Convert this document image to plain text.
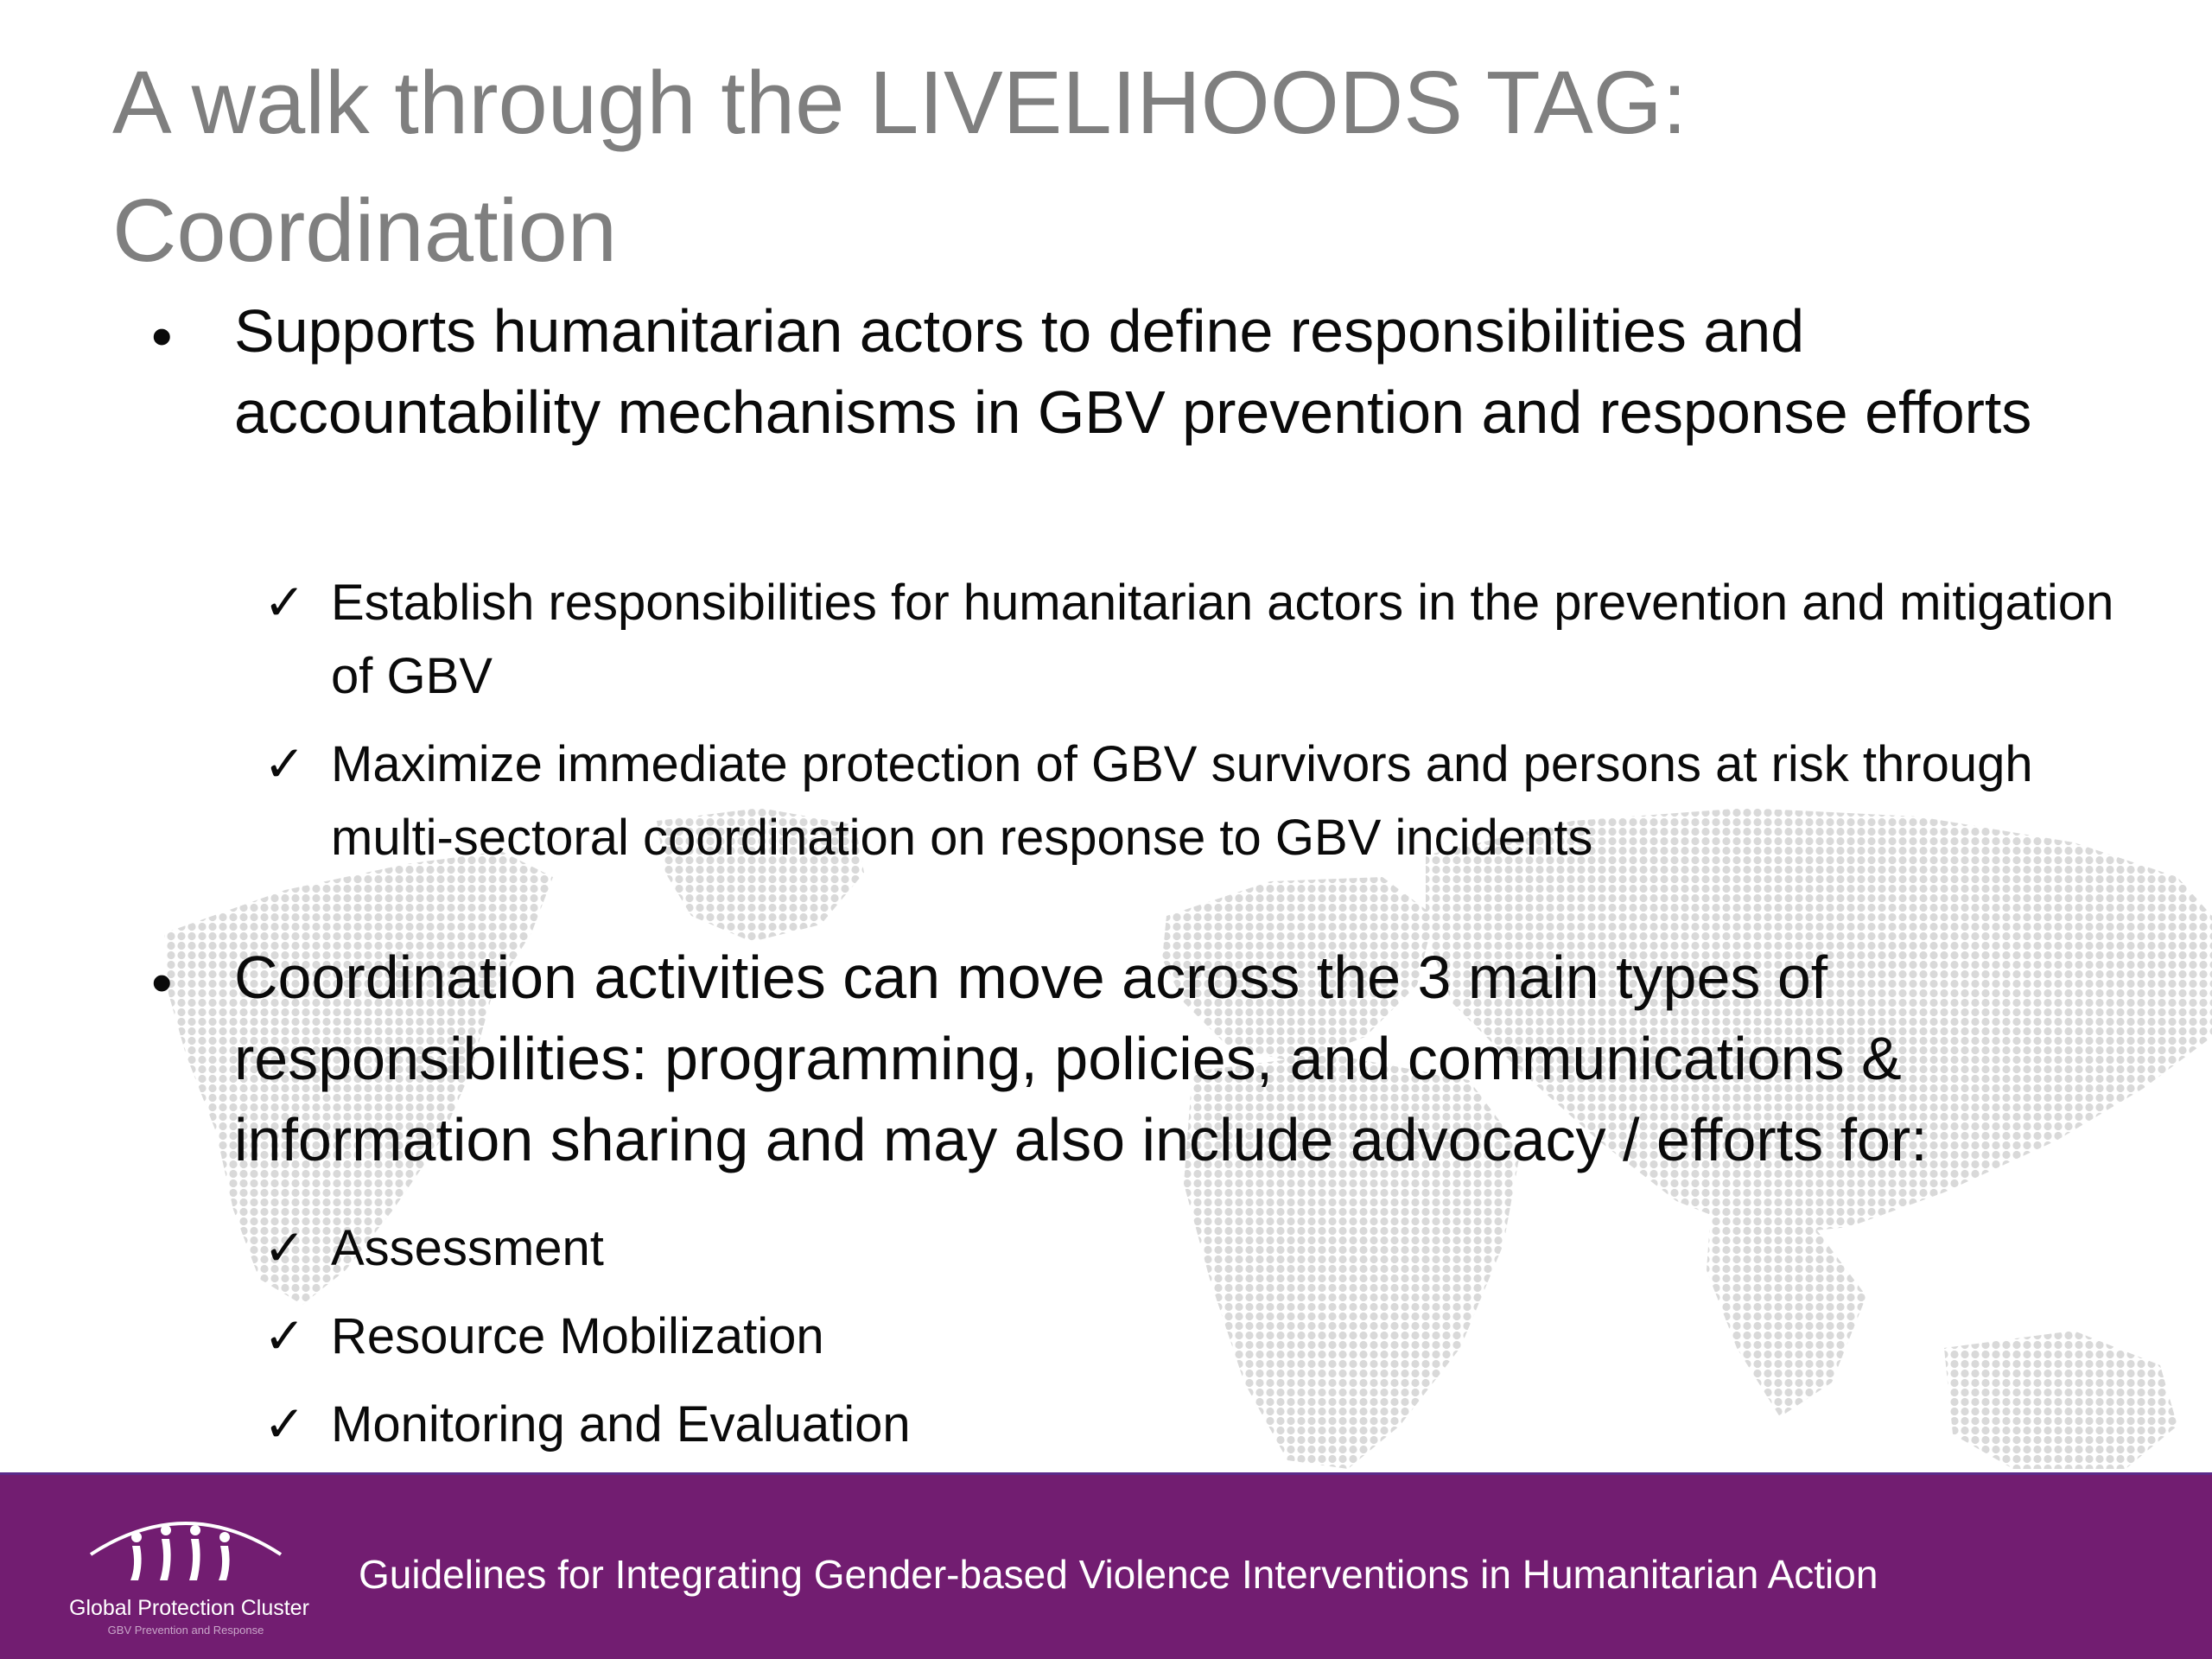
A walk through the LIVELIHOODS TAG: Coordination
• Supports humanitarian actors to define responsibilities and accountability mechanisms in GBV prevention and response efforts
✓ Establish responsibilities for humanitarian actors in the prevention and mitigation of GBV
✓ Maximize immediate protection of GBV survivors and persons at risk through multi-sectoral coordination on response to GBV incidents
• Coordination activities can move across the 3 main types of responsibilities: programming, policies, and communications & information sharing and may also include advocacy / efforts for:
✓ Assessment
✓ Resource Mobilization
✓ Monitoring and Evaluation
Global Protection Cluster
GBV Prevention and Response
Guidelines for Integrating Gender-based Violence Interventions in Humanitarian Action
